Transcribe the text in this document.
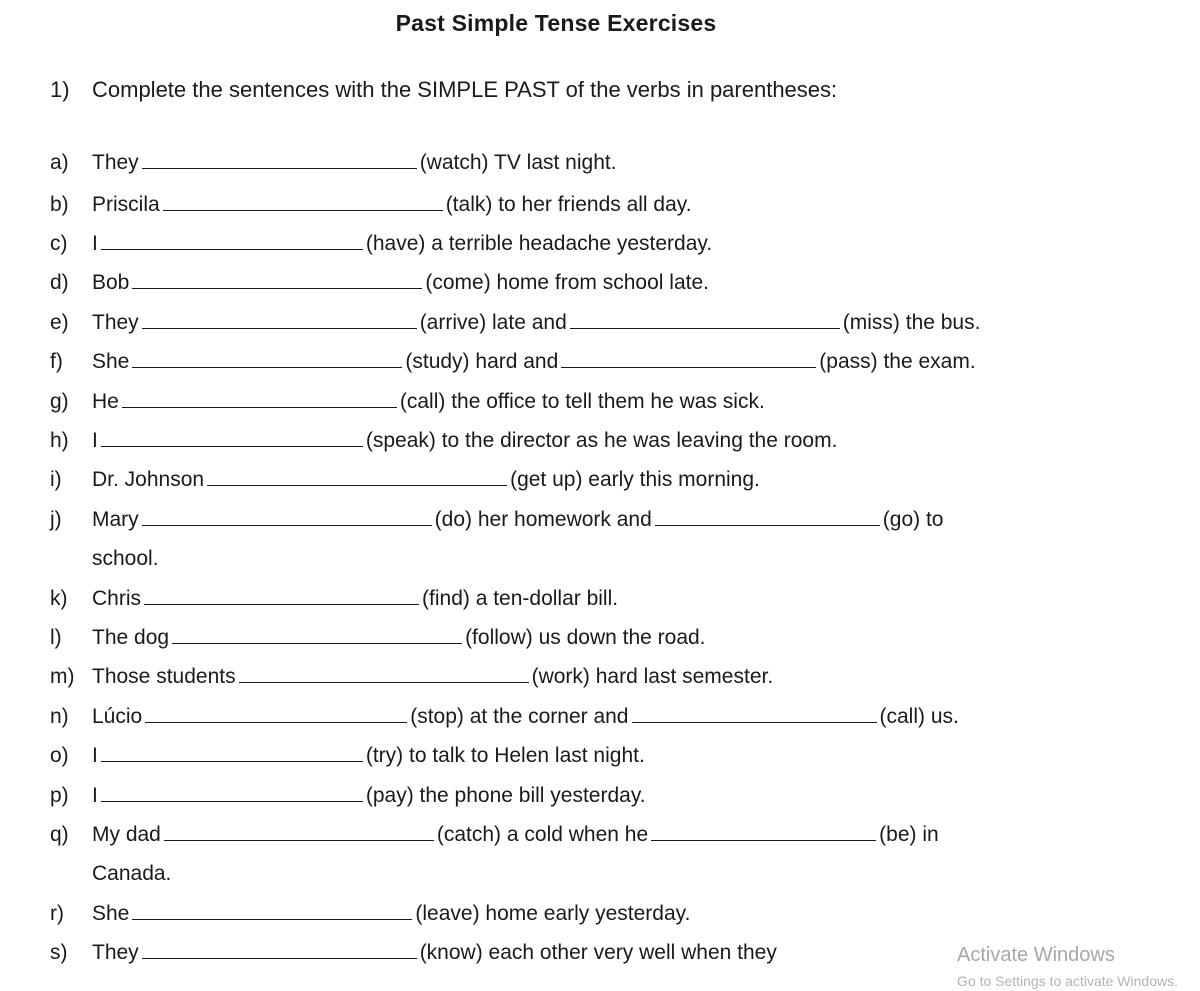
Past Simple Tense Exercises
1) Complete the sentences with the SIMPLE PAST of the verbs in parentheses:
a) They	(watch) TV last night.
b) Priscila	(talk) to her friends all day.
c) I	(have) a terrible headache yesterday.
d) Bob	(come) home from school late.
e) They	(arrive) late and	(miss) the bus.
f) She	(study) hard and	(pass) the exam.
g) He	(call) the office to tell them he was sick.
h) I	(speak) to the director as he was leaving the room.
i) Dr. Johnson	(get up) early this morning.
j) Mary	(do) her homework and	(go) to
school.
k) Chris	(find) a ten-dollar bill.
l) The dog	(follow) us down the road.
m) Those students	(work) hard last semester.
n) Lúcio	(stop) at the corner and	(call) us.
o) I	(try) to talk to Helen last night.
p) I	(pay) the phone bill yesterday.
q) My dad	(catch) a cold when he	(be) in
Canada.
r) She	(leave) home early yesterday.
s) They	(know) each other very well when they	Activate Windows
Go to Settings to activate Windows.
